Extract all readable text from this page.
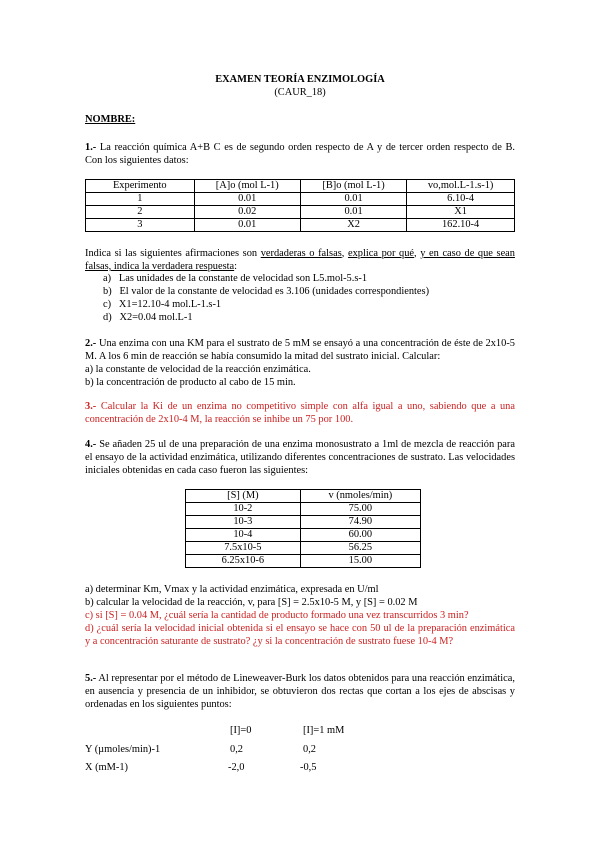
EXAMEN TEORÍA ENZIMOLOGÍA
(CAUR_18)
NOMBRE:
1.- La reacción química A+B C es de segundo orden respecto de A y de tercer orden respecto de B. Con los siguientes datos:
Experimento	[A]o (mol L-1)	[B]o (mol L-1)	vo,mol.L-1.s-1)
1	0.01	0.01	6.10-4
2	0.02	0.01	X1
3	0.01	X2	162.10-4
Indica si las siguientes afirmaciones son verdaderas o falsas, explica por qué, y en caso de que sean falsas, indica la verdadera respuesta:
a) Las unidades de la constante de velocidad son L5.mol-5.s-1
b) El valor de la constante de velocidad es 3.106 (unidades correspondientes)
c) X1=12.10-4 mol.L-1.s-1
d) X2=0.04 mol.L-1
2.- Una enzima con una KM para el sustrato de 5 mM se ensayó a una concentración de éste de 2x10-5 M. A los 6 min de reacción se había consumido la mitad del sustrato inicial. Calcular:
a) la constante de velocidad de la reacción enzimática.
b) la concentración de producto al cabo de 15 min.
3.- Calcular la Ki de un enzima no competitivo simple con alfa igual a uno, sabiendo que a una concentración de 2x10-4 M, la reacción se inhibe un 75 por 100.
4.- Se añaden 25 ul de una preparación de una enzima monosustrato a 1ml de mezcla de reacción para el ensayo de la actividad enzimática, utilizando diferentes concentraciones de sustrato. Las velocidades iniciales obtenidas en cada caso fueron las siguientes:
[S] (M)	v (nmoles/min)
10-2	75.00
10-3	74.90
10-4	60.00
7.5x10-5	56.25
6.25x10-6	15.00
a) determinar Km, Vmax y la actividad enzimática, expresada en U/ml
b) calcular la velocidad de la reacción, v, para [S] = 2.5x10-5 M, y [S] = 0.02 M
c) si [S] = 0.04 M, ¿cuál sería la cantidad de producto formado una vez transcurridos 3 min?
d) ¿cuál sería la velocidad inicial obtenida si el ensayo se hace con 50 ul de la preparación enzimática y a concentración saturante de sustrato? ¿y si la concentración de sustrato fuese 10-4 M?
5.- Al representar por el método de Lineweaver-Burk los datos obtenidos para una reacción enzimática, en ausencia y presencia de un inhibidor, se obtuvieron dos rectas que cortan a los ejes de abscisas y ordenadas en los siguientes puntos:
[I]=0	[I]=1 mM
Y (µmoles/min)-1	0,2	0,2
X (mM-1)	-2,0	-0,5
